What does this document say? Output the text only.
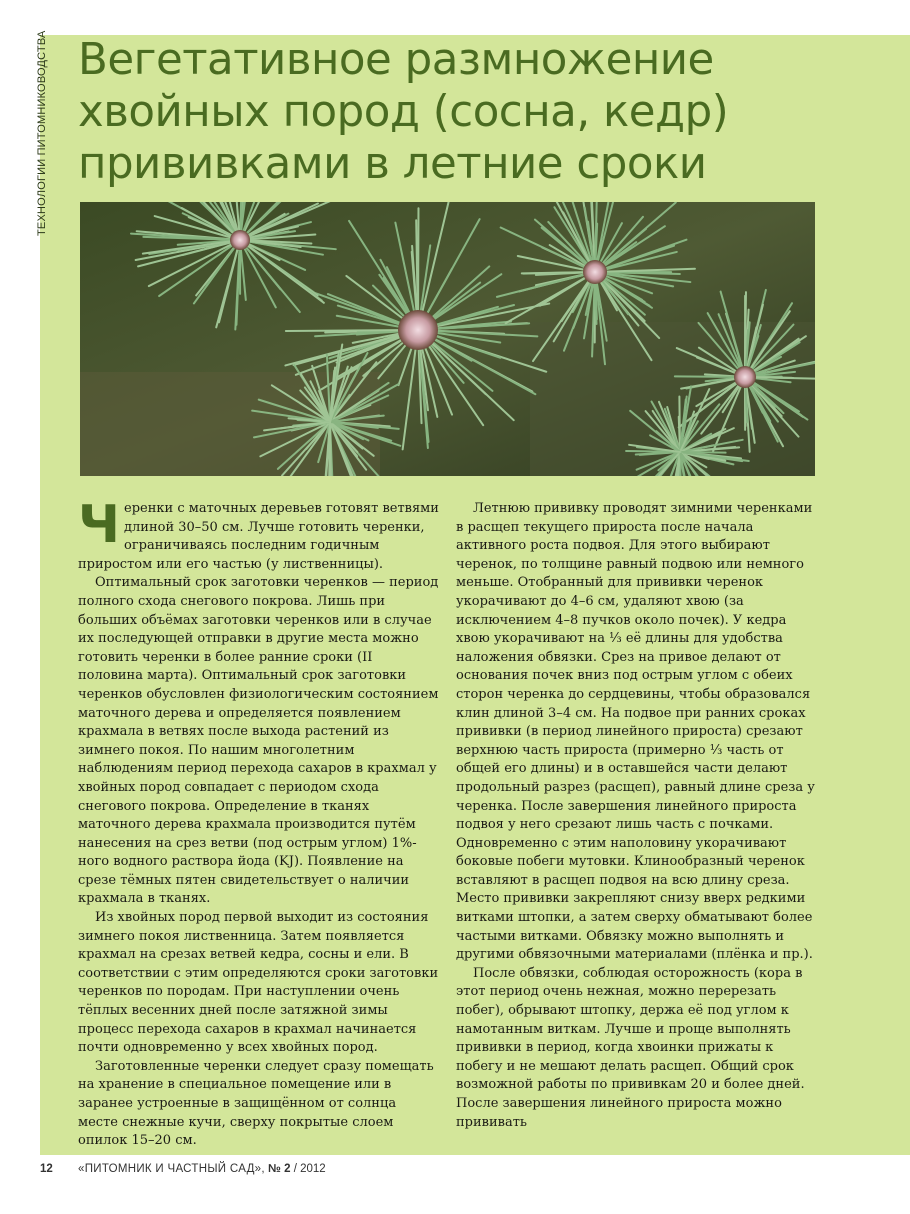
ТЕХНОЛОГИИ ПИТОМНИКОВОДСТВА Вегетативное размножение хвойных пород (сосна, кедр) прививками в летние сроки

Черенки с маточных деревьев готовят ветвями длиной 30–50 см. Лучше готовить черенки, ограничиваясь последним годичным приростом или его частью (у лиственницы).

Оптимальный срок заготовки черенков — период полного схода снегового покрова. Лишь при больших объёмах заготовки черенков или в случае их последующей отправки в другие места можно готовить черенки в более ранние сроки (II половина марта). Оптимальный срок заготовки черенков обусловлен физиологическим состоянием маточного дерева и определяется появлением крахмала в ветвях после выхода растений из зимнего покоя. По нашим многолетним наблюдениям период перехода сахаров в крахмал у хвойных пород совпадает с периодом схода снегового покрова. Определение в тканях маточного дерева крахмала производится путём нанесения на срез ветви (под острым углом) 1%-ного водного раствора йода (KJ). Появление на срезе тёмных пятен свидетельствует о наличии крахмала в тканях.

Из хвойных пород первой выходит из состояния зимнего покоя лиственница. Затем появляется крахмал на срезах ветвей кедра, сосны и ели. В соответствии с этим определяются сроки заготовки черенков по породам. При наступлении очень тёплых весенних дней после затяжной зимы процесс перехода сахаров в крахмал начинается почти одновременно у всех хвойных пород.

Заготовленные черенки следует сразу помещать на хранение в специальное помещение или в заранее устроенные в защищённом от солнца месте снежные кучи, сверху покрытые слоем опилок 15–20 см.

Летнюю прививку проводят зимними черенками в расщеп текущего прироста после начала активного роста подвоя. Для этого выбирают черенок, по толщине равный подвою или немного меньше. Отобранный для прививки черенок укорачивают до 4–6 см, удаляют хвою (за исключением 4–8 пучков около почек). У кедра хвою укорачивают на ⅓ её длины для удобства наложения обвязки. Срез на привое делают от основания почек вниз под острым углом с обеих сторон черенка до сердцевины, чтобы образовался клин длиной 3–4 см. На подвое при ранних сроках прививки (в период линейного прироста) срезают верхнюю часть прироста (примерно ⅓ часть от общей его длины) и в оставшейся части делают продольный разрез (расщеп), равный длине среза у черенка. После завершения линейного прироста подвоя у него срезают лишь часть с почками. Одновременно с этим наполовину укорачивают боковые побеги мутовки. Клинообразный черенок вставляют в расщеп подвоя на всю длину среза. Место прививки закрепляют снизу вверх редкими витками штопки, а затем сверху обматывают более частыми витками. Обвязку можно выполнять и другими обвязочными материалами (плёнка и пр.).

После обвязки, соблюдая осторожность (кора в этот период очень нежная, можно перерезать побег), обрывают штопку, держа её под углом к намотанным виткам. Лучше и проще выполнять прививки в период, когда хвоинки прижаты к побегу и не мешают делать расщеп. Общий срок возможной работы по прививкам 20 и более дней. После завершения линейного прироста можно прививать

12 «ПИТОМНИК И ЧАСТНЫЙ САД», № 2 / 2012
